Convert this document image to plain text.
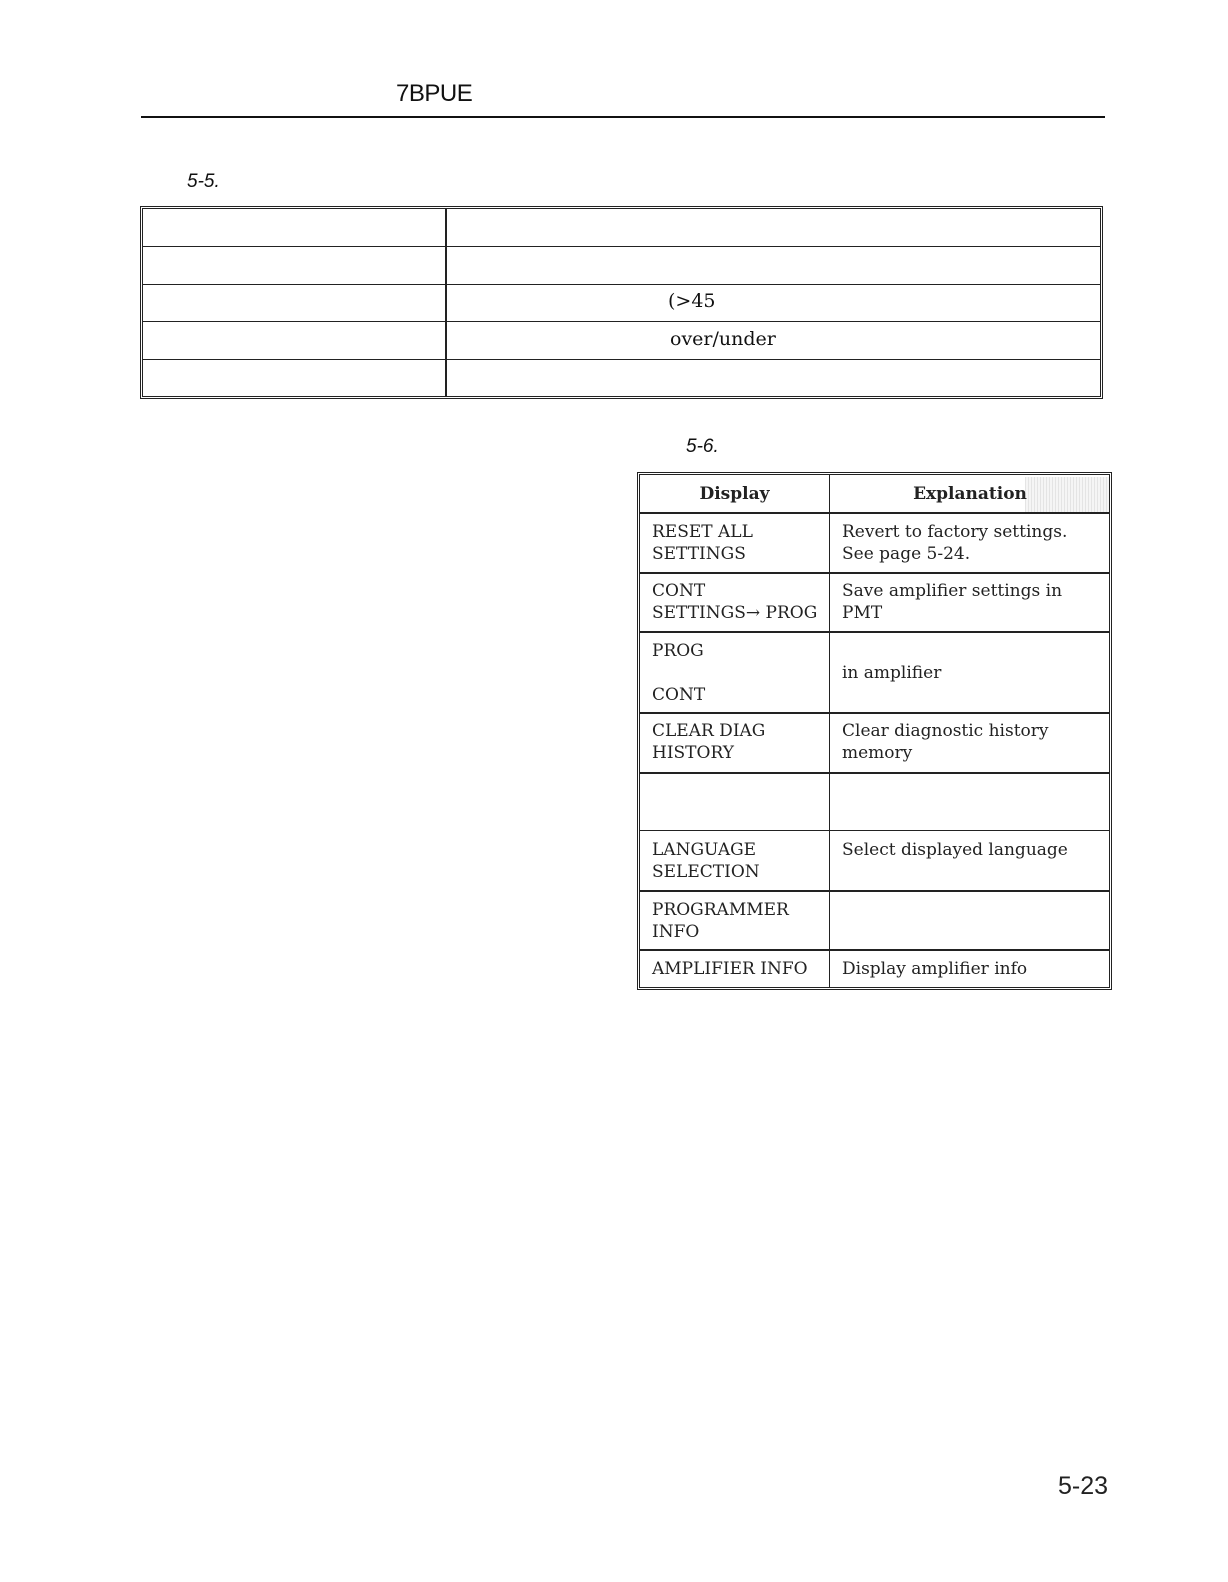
7BPUE
5-5.
(>45
over/under
5-6.
Display	Explanation
RESET ALL
SETTINGS
Revert to factory settings.
See page 5-24.
CONT
SETTINGS→ PROG
Save amplifier settings in
PMT
PROG

CONT

in amplifier
CLEAR DIAG
HISTORY
Clear diagnostic history
memory
LANGUAGE
SELECTION
Select displayed language
PROGRAMMER
INFO
AMPLIFIER INFO Display amplifier info
5-23
